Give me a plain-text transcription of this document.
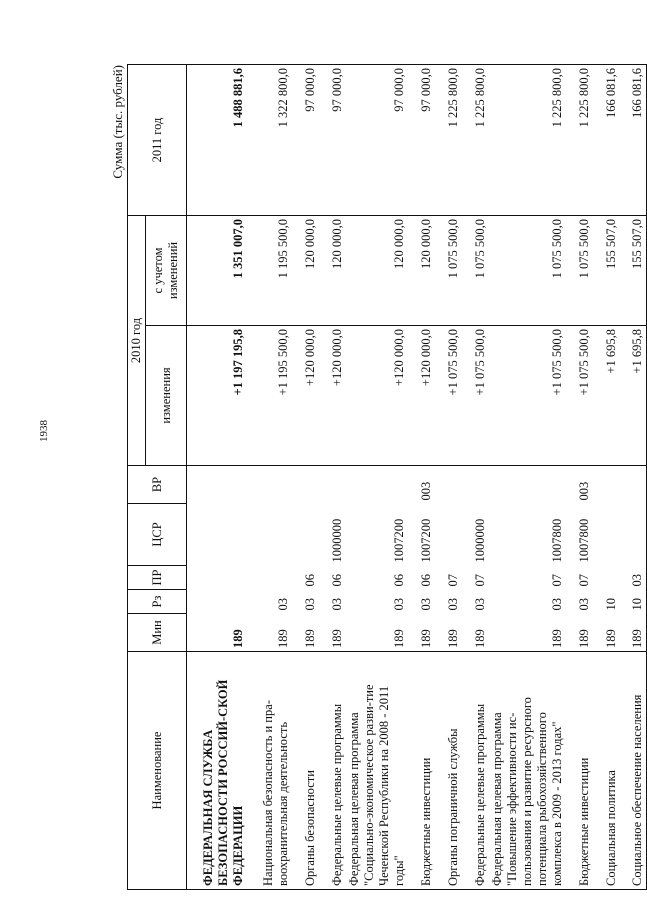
1938
Сумма (тыс. рублей)
Наименование	Мин	Рз	ПР	ЦСР	ВР	2010 год		2011 год
						изменения	с учетом изменений	
ФЕДЕРАЛЬНАЯ СЛУЖБА БЕЗОПАСНОСТИ РОССИЙ-СКОЙ ФЕДЕРАЦИИ	189					+1 197 195,8	1 351 007,0	1 488 881,6
Национальная безопасность и пра-воохранительная деятельность	189	03				+1 195 500,0	1 195 500,0	1 322 800,0
Органы безопасности	189	03	06			+120 000,0	120 000,0	97 000,0
Федеральные целевые программы	189	03	06	1000000		+120 000,0	120 000,0	97 000,0
Федеральная целевая программа "Социально-экономическое разви-тие Чеченской Республики на 2008 - 2011 годы"	189	03	06	1007200		+120 000,0	120 000,0	97 000,0
Бюджетные инвестиции	189	03	06	1007200	003	+120 000,0	120 000,0	97 000,0
Органы пограничной службы	189	03	07			+1 075 500,0	1 075 500,0	1 225 800,0
Федеральные целевые программы	189	03	07	1000000		+1 075 500,0	1 075 500,0	1 225 800,0
Федеральная целевая программа "Повышение эффективности ис-пользования и развитие ресурсного потенциала рыбохозяйственного комплекса в 2009 - 2013 годах"	189	03	07	1007800		+1 075 500,0	1 075 500,0	1 225 800,0
Бюджетные инвестиции	189	03	07	1007800	003	+1 075 500,0	1 075 500,0	1 225 800,0
Социальная политика	189	10				+1 695,8	155 507,0	166 081,6
Социальное обеспечение населения	189	10	03			+1 695,8	155 507,0	166 081,6
